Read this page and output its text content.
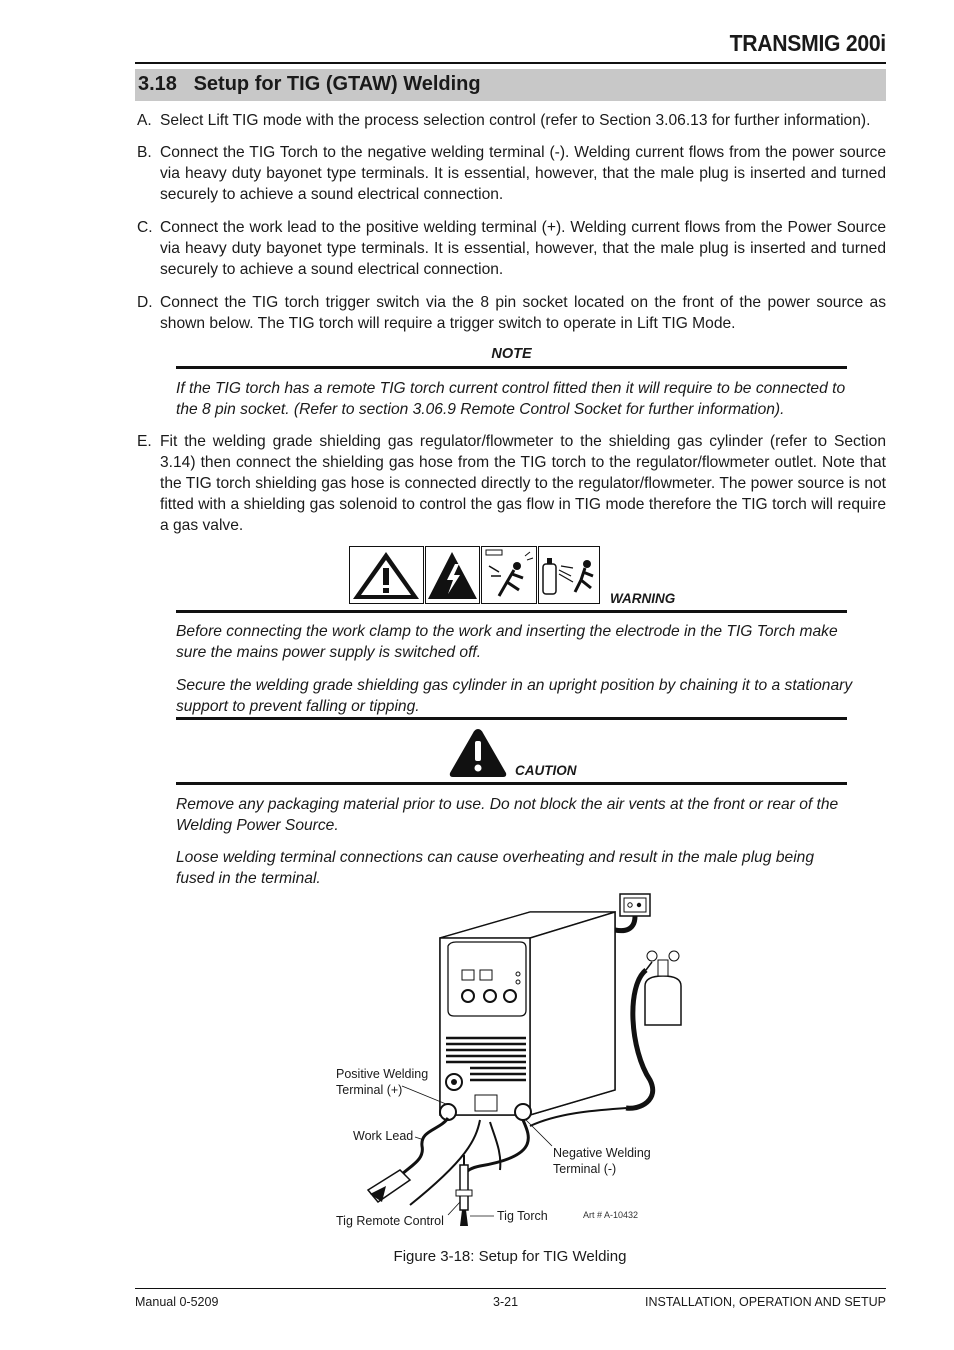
TRANSMIG 200i
3.18   Setup for TIG (GTAW) Welding
A. Select Lift TIG mode with the process selection control (refer to Section 3.06.13 for further information).
B. Connect the TIG Torch to the negative welding terminal (-). Welding current flows from the power source via heavy duty bayonet type terminals. It is essential, however, that the male plug is inserted and turned securely to achieve a sound electrical connection.
C. Connect the work lead to the positive welding terminal (+). Welding current flows from the Power Source via heavy duty bayonet type terminals. It is essential, however, that the male plug is inserted and turned securely to achieve a sound electrical connection.
D. Connect the TIG torch trigger switch via the 8 pin socket located on the front of the power source as shown below. The TIG torch will require a trigger switch to operate in Lift TIG Mode.
NOTE
If the TIG torch has a remote TIG torch current control fitted then it will require to be connected to the 8 pin socket. (Refer to section 3.06.9 Remote Control Socket for further information).
E. Fit the welding grade shielding gas regulator/flowmeter to the shielding gas cylinder (refer to Section 3.14) then connect the shielding gas hose from the TIG torch to the regulator/flowmeter outlet. Note that the TIG torch shielding gas hose is connected directly to the regulator/flowmeter. The power source is not fitted with a shielding gas solenoid to control the gas flow in TIG mode therefore the TIG torch will require a gas valve.
WARNING
Before connecting the work clamp to the work and inserting the electrode in the TIG Torch make sure the mains power supply is switched off.
Secure the welding grade shielding gas cylinder in an upright position by chaining it to a stationary support to prevent falling or tipping.
CAUTION
Remove any packaging material prior to use. Do not block the air vents at the front or rear of the Welding Power Source.
Loose welding terminal connections can cause overheating and result in the male plug being fused in the terminal.
Positive Welding
Terminal (+)
Work Lead
Negative Welding
Terminal (-)
Tig Torch
Tig Remote Control	Art # A-10432
Figure 3-18: Setup for TIG Welding
Manual 0-5209	3-21	INSTALLATION, OPERATION AND SETUP
